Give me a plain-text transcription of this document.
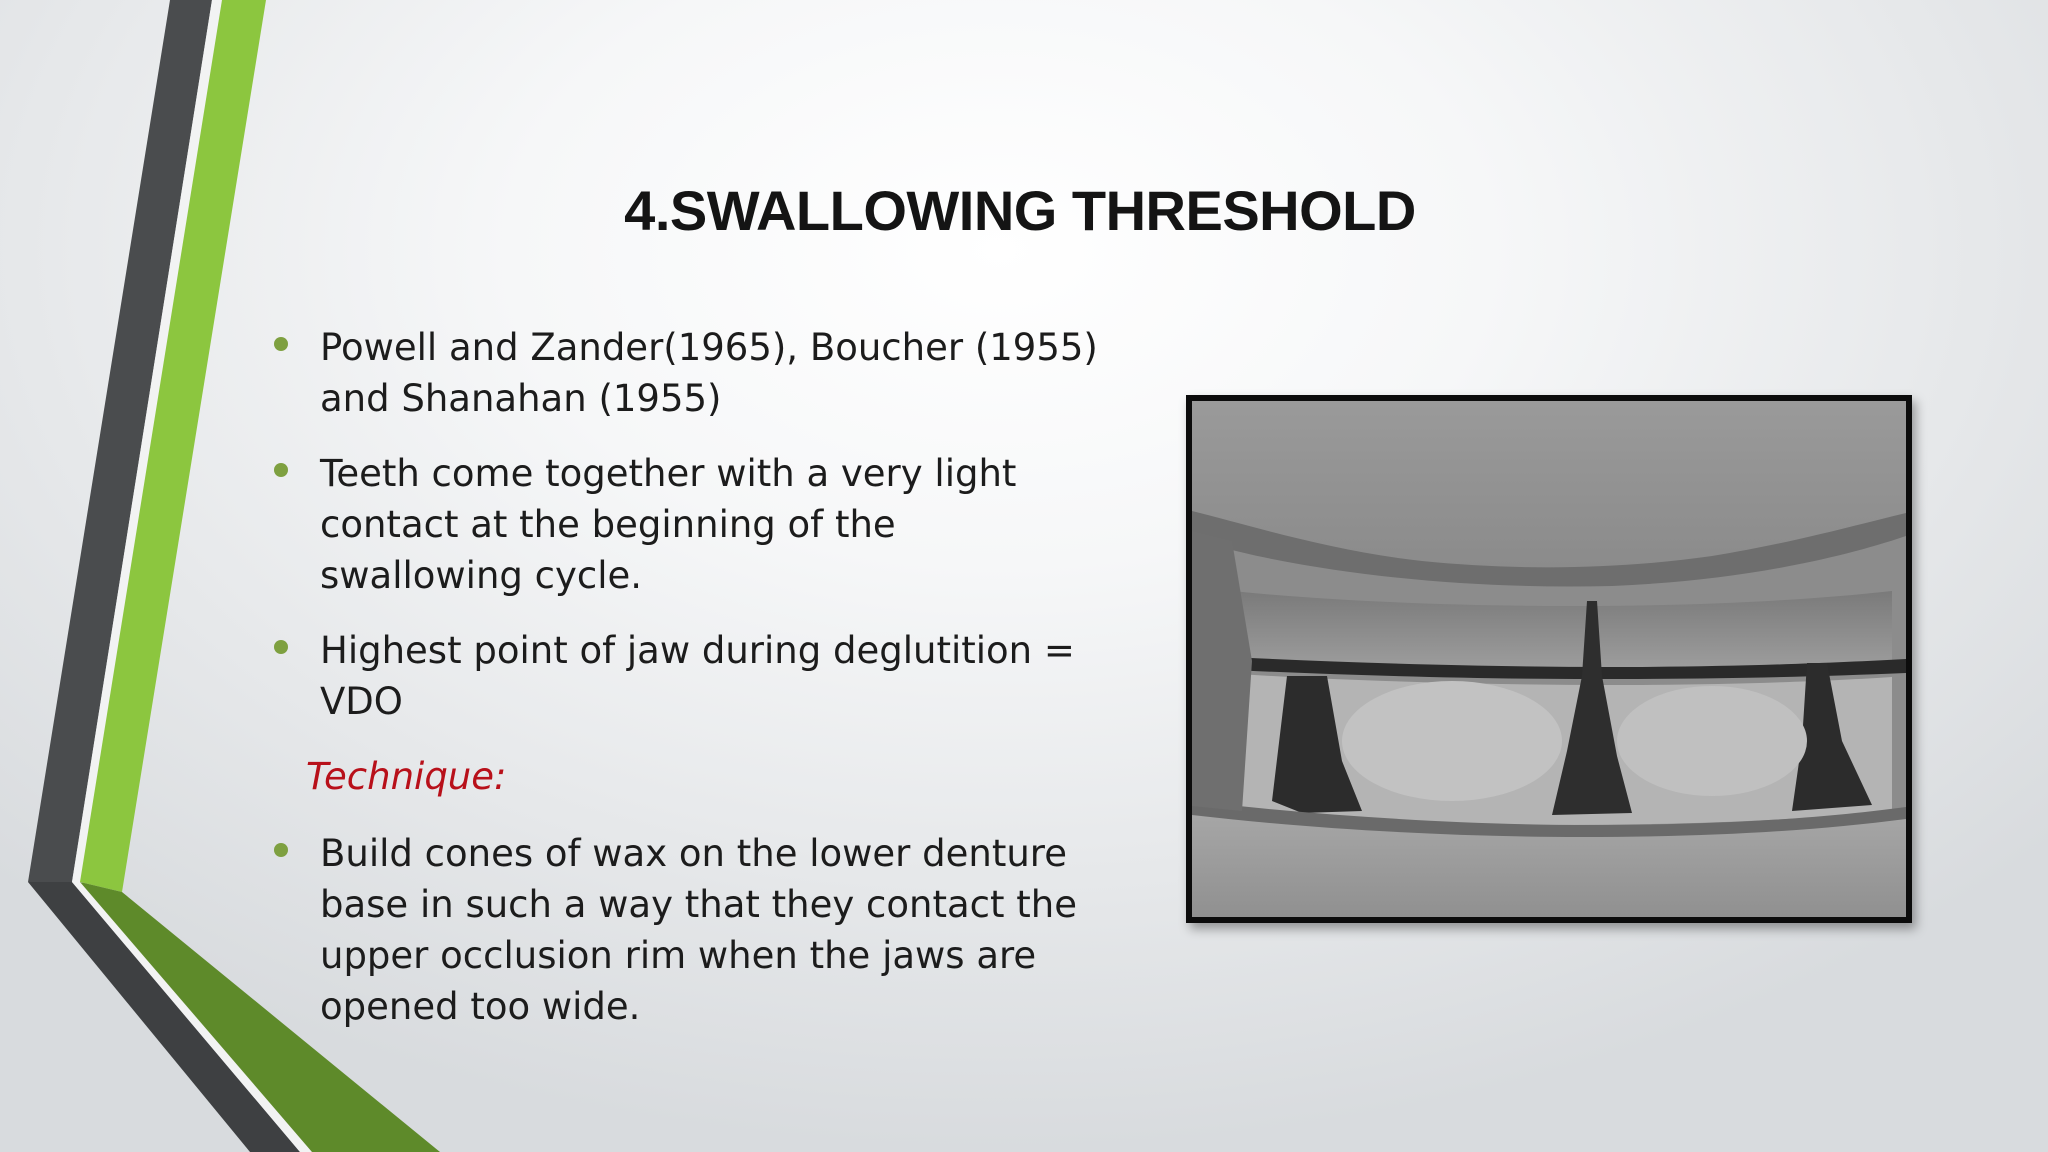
4.SWALLOWING THRESHOLD
Powell and Zander(1965), Boucher (1955) and Shanahan (1955)
Teeth come together with a very light contact at the beginning of the swallowing cycle.
Highest point of jaw during deglutition = VDO
Technique:
Build cones of wax on the lower denture base in such a way that they contact the upper occlusion rim when the jaws are opened too wide.
